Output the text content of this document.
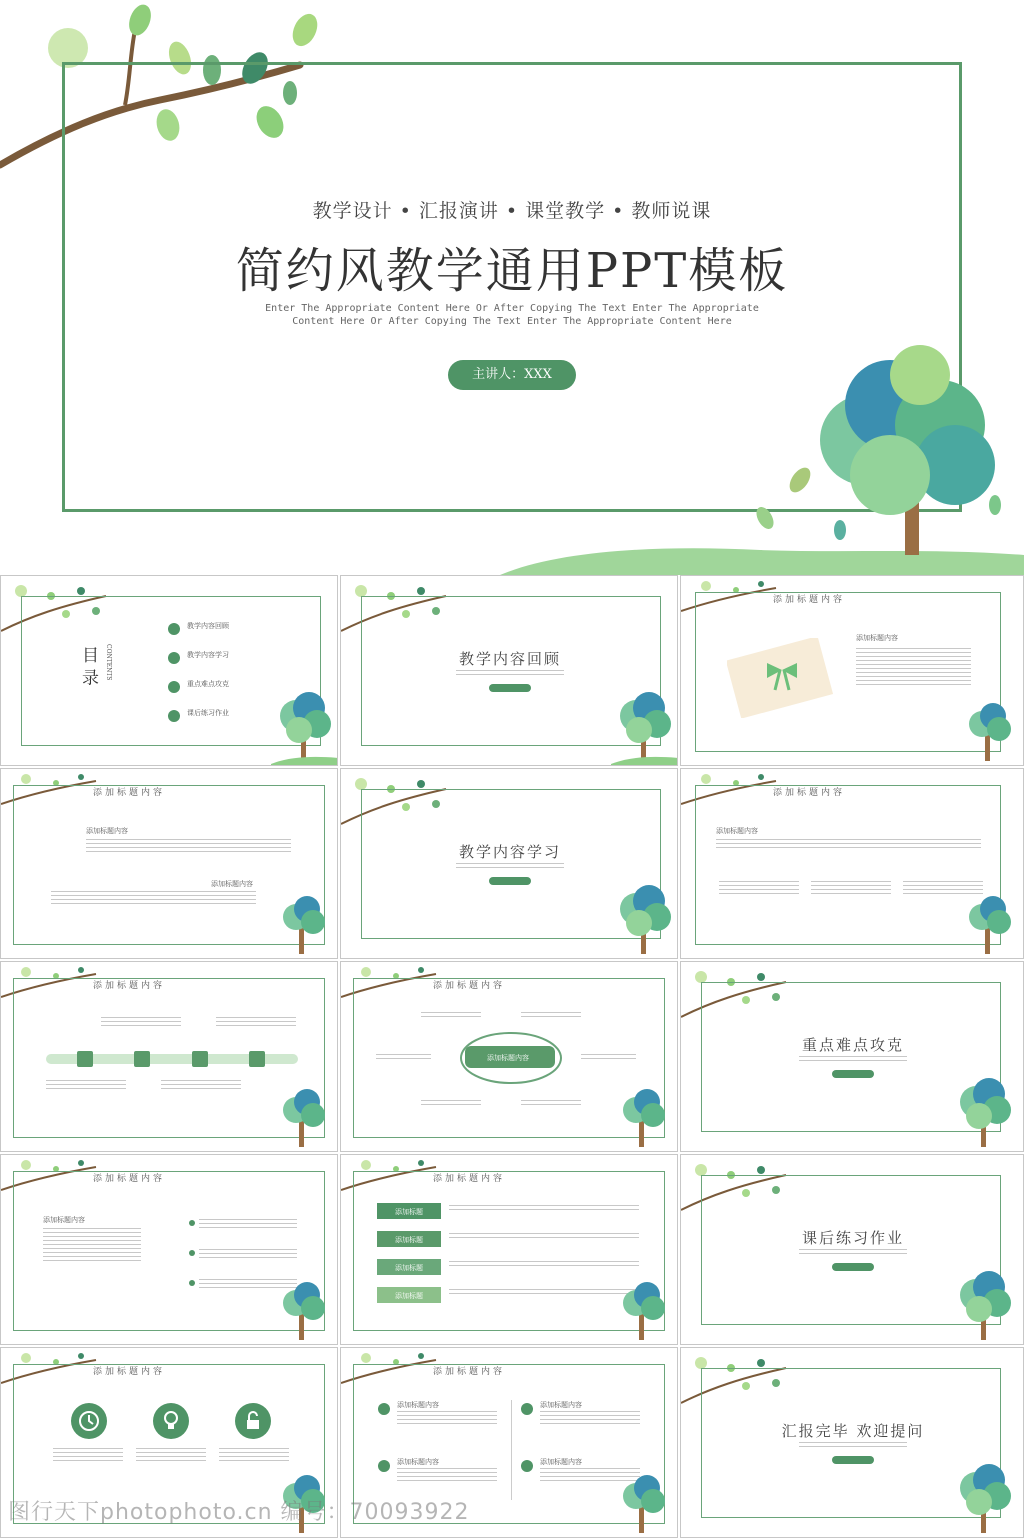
教学设计 • 汇报演讲 • 课堂教学 • 教师说课
简约风教学通用PPT模板
Enter The Appropriate Content Here Or After Copying The Text Enter The Appropriate Content Here Or After Copying The Text Enter The Appropriate Content Here
主讲人：XXX
目 录	CONTENTS
教学内容回顾
教学内容学习
重点难点攻克
课后练习作业
教学内容回顾
添加标题内容
添加标题内容
添加标题内容
添加标题内容
添加标题内容
教学内容学习
添加标题内容
添加标题内容
添加标题内容	添加标题内容
添加标题内容
重点难点攻克
添加标题内容
添加标题内容
添加标题内容
添加标题
添加标题
添加标题
添加标题
课后练习作业
添加标题内容	添加标题内容
添加标题内容	添加标题内容
添加标题内容	添加标题内容
汇报完毕 欢迎提问
图行天下photophoto.cn 编号：70093922
